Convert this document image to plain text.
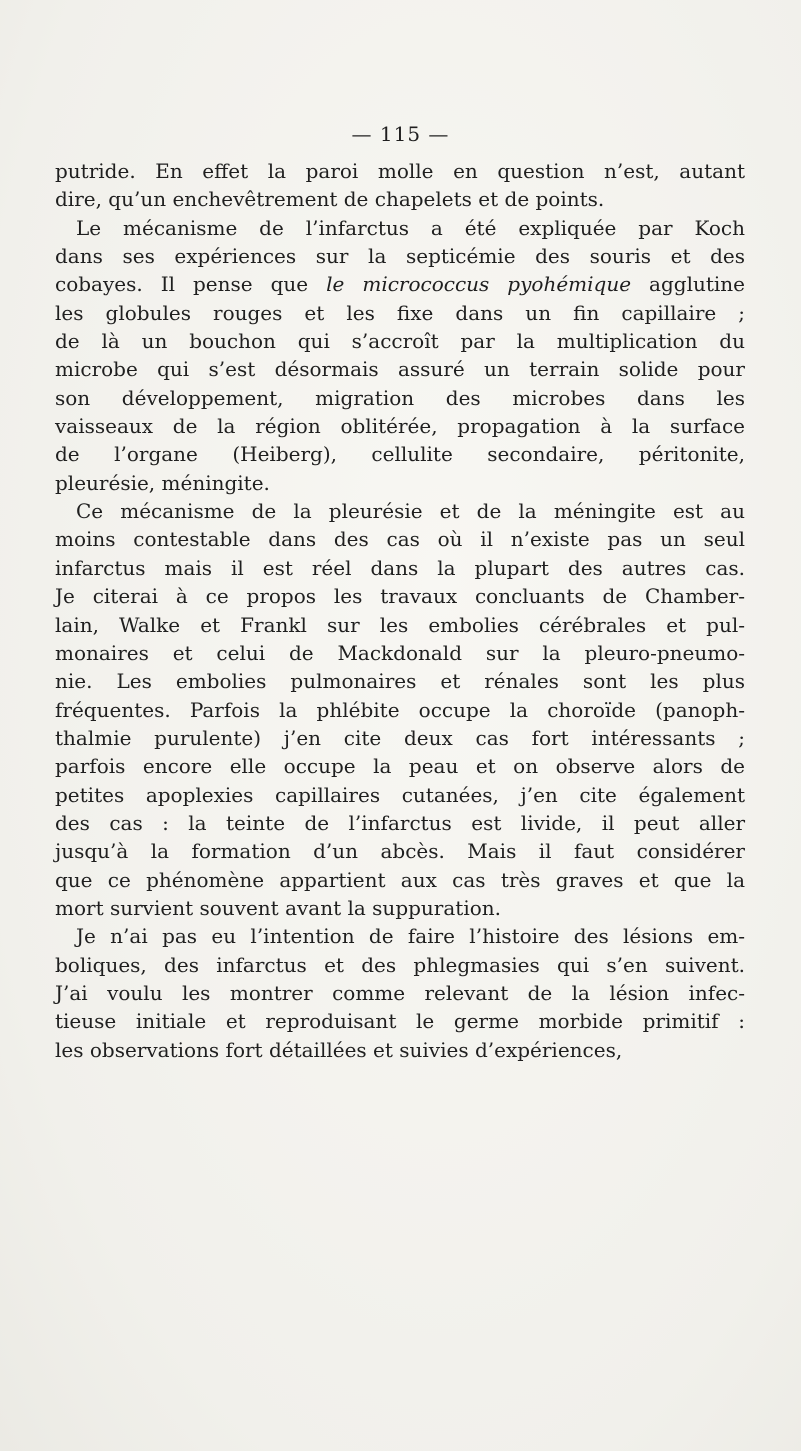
— 115 —
putride. En effet la paroi molle en question n’est, autant
dire, qu’un enchevêtrement de chapelets et de points.
Le mécanisme de l’infarctus a été expliquée par Koch
dans ses expériences sur la septicémie des souris et des
cobayes. Il pense que le micrococcus pyohémique agglutine
les globules rouges et les fixe dans un fin capillaire ;
de là un bouchon qui s’accroît par la multiplication du
microbe qui s’est désormais assuré un terrain solide pour
son développement, migration des microbes dans les
vaisseaux de la région oblitérée, propagation à la surface
de l’organe (Heiberg), cellulite secondaire, péritonite,
pleurésie, méningite.
Ce mécanisme de la pleurésie et de la méningite est au
moins contestable dans des cas où il n’existe pas un seul
infarctus mais il est réel dans la plupart des autres cas.
Je citerai à ce propos les travaux concluants de Chamber-
lain, Walke et Frankl sur les embolies cérébrales et pul-
monaires et celui de Mackdonald sur la pleuro-pneumo-
nie. Les embolies pulmonaires et rénales sont les plus
fréquentes. Parfois la phlébite occupe la choroïde (panoph-
thalmie purulente) j’en cite deux cas fort intéressants ;
parfois encore elle occupe la peau et on observe alors de
petites apoplexies capillaires cutanées, j’en cite également
des cas : la teinte de l’infarctus est livide, il peut aller
jusqu’à la formation d’un abcès. Mais il faut considérer
que ce phénomène appartient aux cas très graves et que la
mort survient souvent avant la suppuration.
Je n’ai pas eu l’intention de faire l’histoire des lésions em-
boliques, des infarctus et des phlegmasies qui s’en suivent.
J’ai voulu les montrer comme relevant de la lésion infec-
tieuse initiale et reproduisant le germe morbide primitif :
les observations fort détaillées et suivies d’expériences,
